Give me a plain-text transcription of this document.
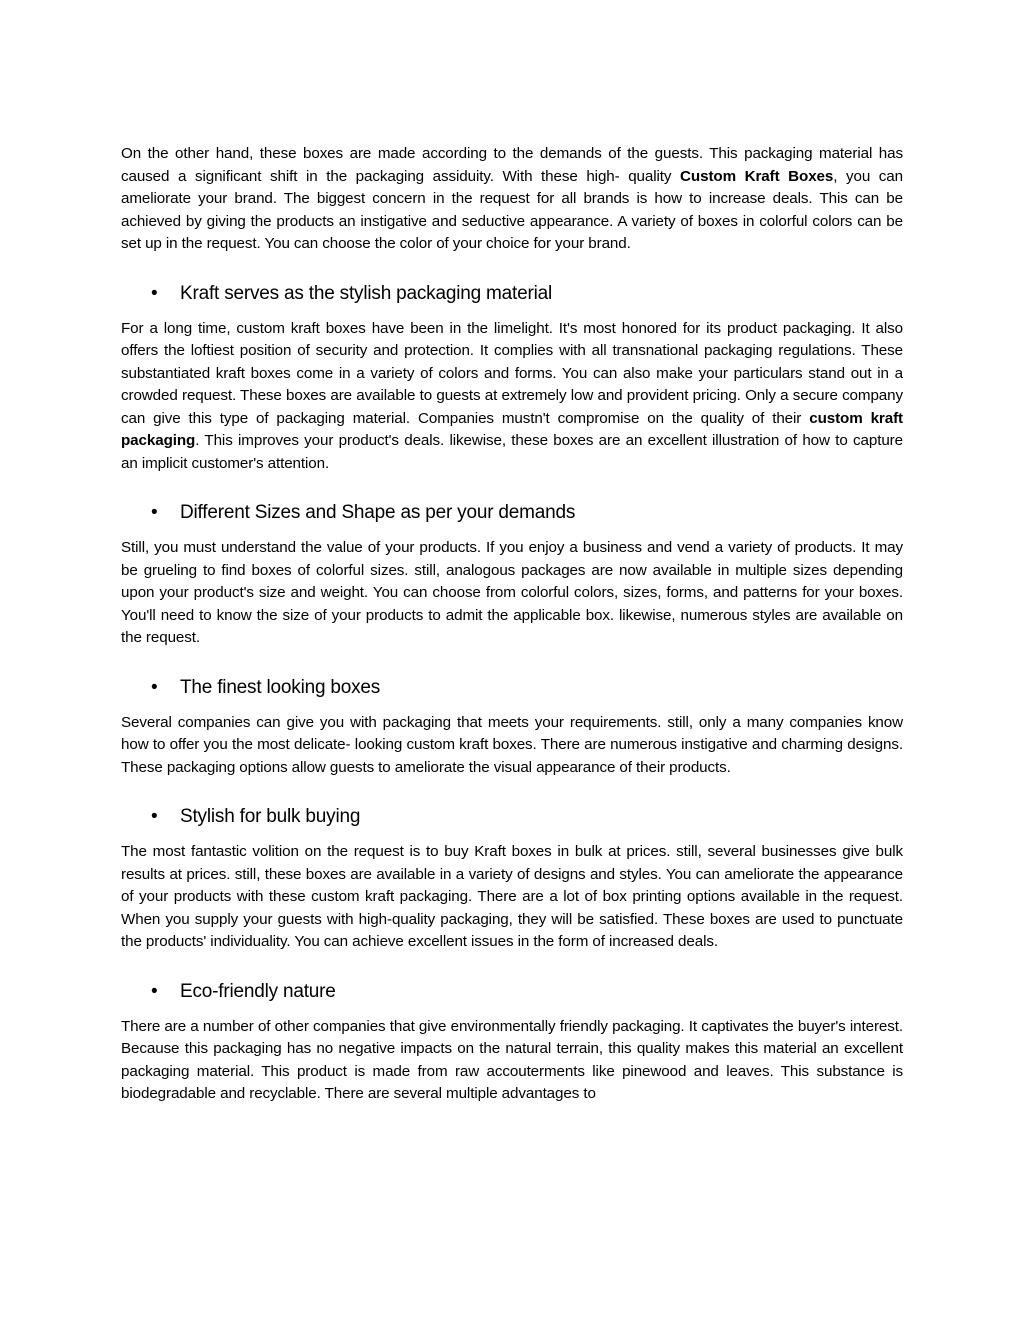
On the other hand, these boxes are made according to the demands of the guests. This packaging material has caused a significant shift in the packaging assiduity. With these high- quality Custom Kraft Boxes, you can ameliorate your brand. The biggest concern in the request for all brands is how to increase deals. This can be achieved by giving the products an instigative and seductive appearance. A variety of boxes in colorful colors can be set up in the request. You can choose the color of your choice for your brand.

• Kraft serves as the stylish packaging material

For a long time, custom kraft boxes have been in the limelight. It's most honored for its product packaging. It also offers the loftiest position of security and protection. It complies with all transnational packaging regulations. These substantiated kraft boxes come in a variety of colors and forms. You can also make your particulars stand out in a crowded request. These boxes are available to guests at extremely low and provident pricing. Only a secure company can give this type of packaging material. Companies mustn't compromise on the quality of their custom kraft packaging. This improves your product's deals. likewise, these boxes are an excellent illustration of how to capture an implicit customer's attention.

• Different Sizes and Shape as per your demands

Still, you must understand the value of your products. If you enjoy a business and vend a variety of products. It may be grueling to find boxes of colorful sizes. still, analogous packages are now available in multiple sizes depending upon your product's size and weight. You can choose from colorful colors, sizes, forms, and patterns for your boxes. You'll need to know the size of your products to admit the applicable box. likewise, numerous styles are available on the request.

• The finest looking boxes

Several companies can give you with packaging that meets your requirements. still, only a many companies know how to offer you the most delicate- looking custom kraft boxes. There are numerous instigative and charming designs. These packaging options allow guests to ameliorate the visual appearance of their products.

• Stylish for bulk buying

The most fantastic volition on the request is to buy Kraft boxes in bulk at prices. still, several businesses give bulk results at prices. still, these boxes are available in a variety of designs and styles. You can ameliorate the appearance of your products with these custom kraft packaging. There are a lot of box printing options available in the request. When you supply your guests with high-quality packaging, they will be satisfied. These boxes are used to punctuate the products' individuality. You can achieve excellent issues in the form of increased deals.

• Eco-friendly nature

There are a number of other companies that give environmentally friendly packaging. It captivates the buyer's interest. Because this packaging has no negative impacts on the natural terrain, this quality makes this material an excellent packaging material. This product is made from raw accouterments like pinewood and leaves. This substance is biodegradable and recyclable. There are several multiple advantages to
